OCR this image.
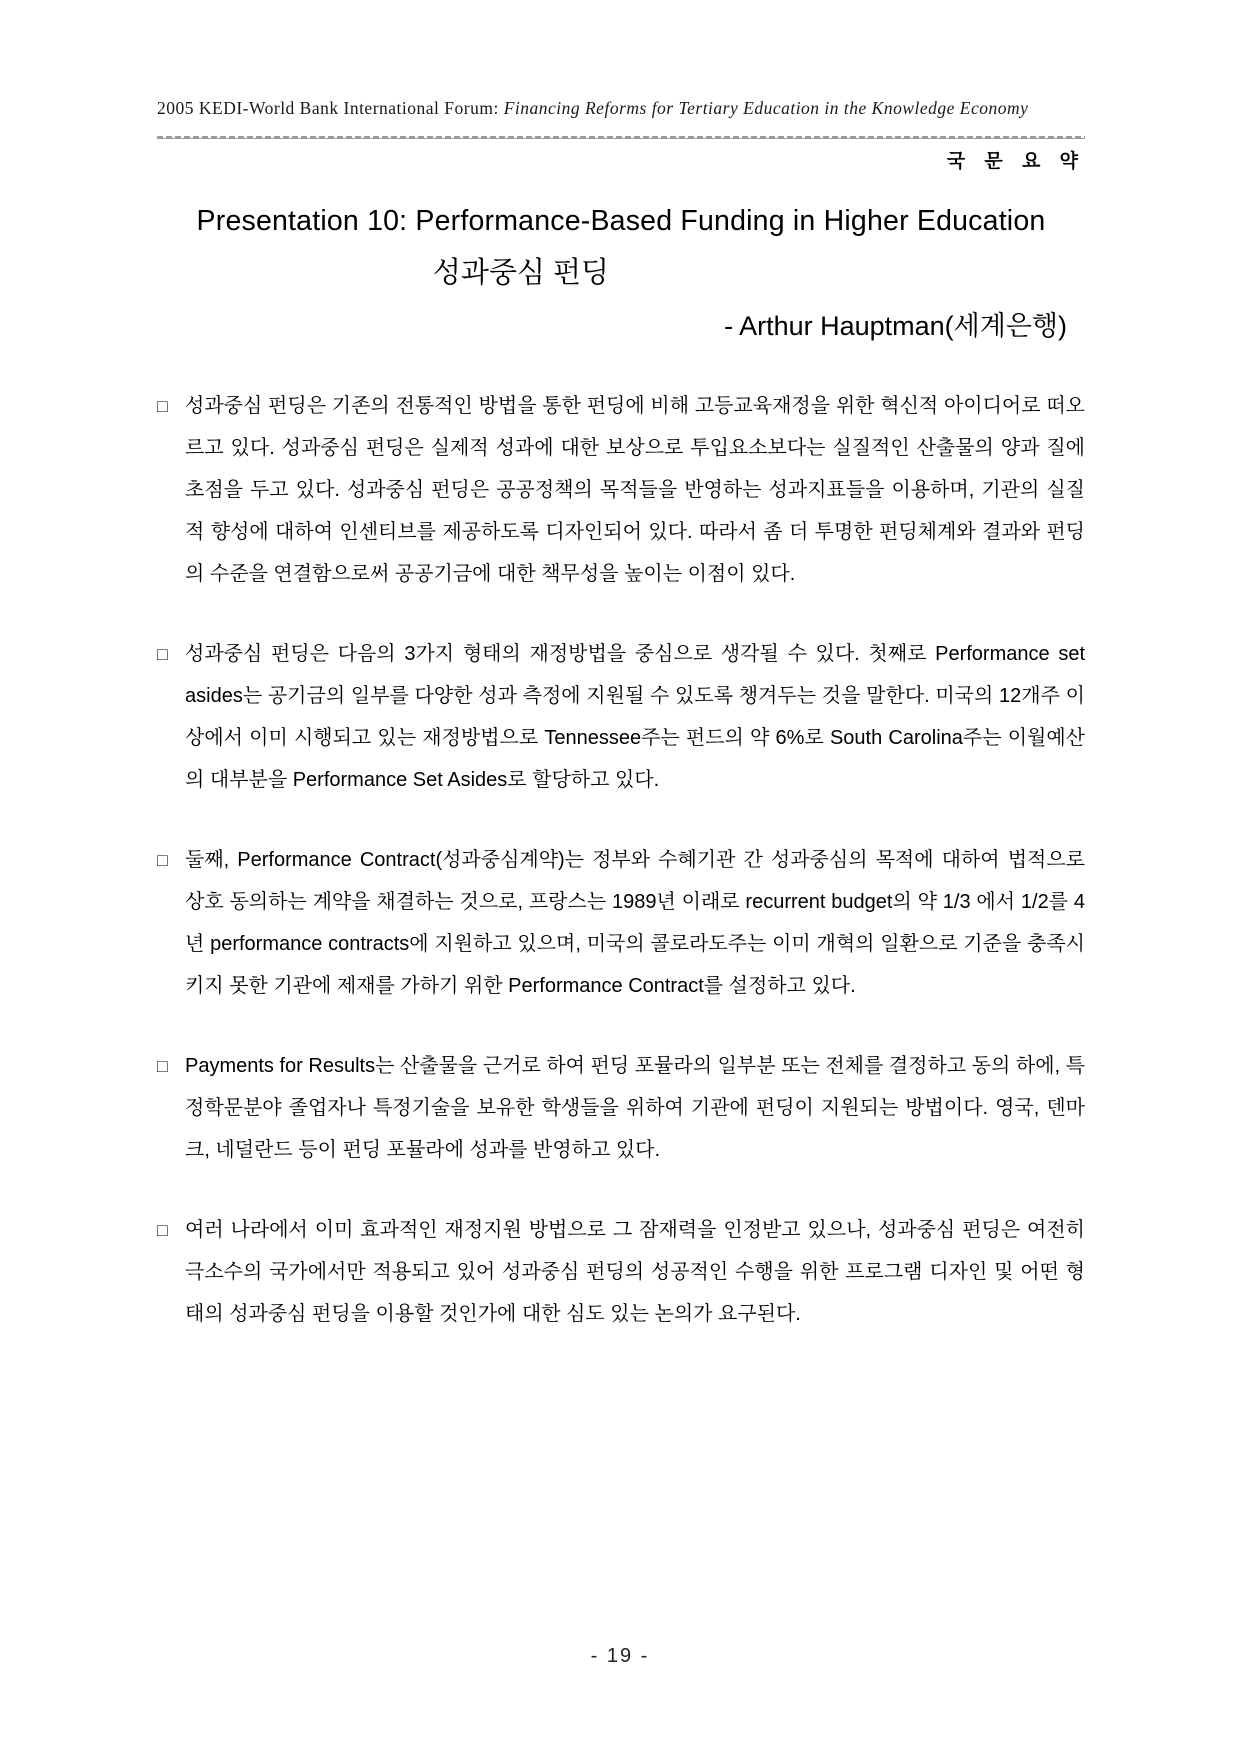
2005 KEDI-World Bank International Forum: Financing Reforms for Tertiary Education in the Knowledge Economy
국 문 요 약
Presentation 10: Performance-Based Funding in Higher Education
성과중심 펀딩
- Arthur Hauptman(세계은행)
□ 성과중심 펀딩은 기존의 전통적인 방법을 통한 펀딩에 비해 고등교육재정을 위한 혁신적 아이디어로 떠오르고 있다. 성과중심 펀딩은 실제적 성과에 대한 보상으로 투입요소보다는 실질적인 산출물의 양과 질에 초점을 두고 있다. 성과중심 펀딩은 공공정책의 목적들을 반영하는 성과지표들을 이용하며, 기관의 실질적 향성에 대하여 인센티브를 제공하도록 디자인되어 있다. 따라서 좀 더 투명한 펀딩체계와 결과와 펀딩의 수준을 연결함으로써 공공기금에 대한 책무성을 높이는 이점이 있다.
□ 성과중심 펀딩은 다음의 3가지 형태의 재정방법을 중심으로 생각될 수 있다. 첫째로 Performance set asides는 공기금의 일부를 다양한 성과 측정에 지원될 수 있도록 챙겨두는 것을 말한다. 미국의 12개주 이상에서 이미 시행되고 있는 재정방법으로 Tennessee주는 펀드의 약 6%로 South Carolina주는 이월예산의 대부분을 Performance Set Asides로 할당하고 있다.
□ 둘째, Performance Contract(성과중심계약)는 정부와 수혜기관 간 성과중심의 목적에 대하여 법적으로 상호 동의하는 계약을 채결하는 것으로, 프랑스는 1989년 이래로 recurrent budget의 약 1/3 에서 1/2를 4년 performance contracts에 지원하고 있으며, 미국의 콜로라도주는 이미 개혁의 일환으로 기준을 충족시키지 못한 기관에 제재를 가하기 위한 Performance Contract를 설정하고 있다.
□ Payments for Results는 산출물을 근거로 하여 펀딩 포뮬라의 일부분 또는 전체를 결정하고 동의 하에, 특정학문분야 졸업자나 특정기술을 보유한 학생들을 위하여 기관에 펀딩이 지원되는 방법이다. 영국, 덴마크, 네덜란드 등이 펀딩 포뮬라에 성과를 반영하고 있다.
□ 여러 나라에서 이미 효과적인 재정지원 방법으로 그 잠재력을 인정받고 있으나, 성과중심 펀딩은 여전히 극소수의 국가에서만 적용되고 있어 성과중심 펀딩의 성공적인 수행을 위한 프로그램 디자인 및 어떤 형태의 성과중심 펀딩을 이용할 것인가에 대한 심도 있는 논의가 요구된다.
- 19 -
